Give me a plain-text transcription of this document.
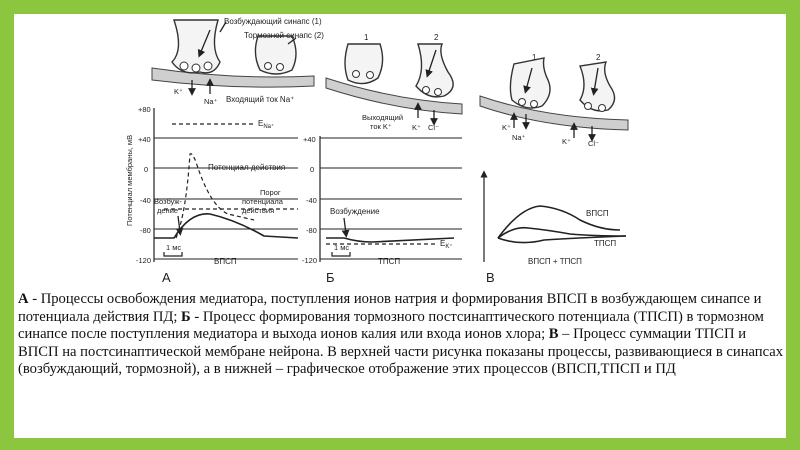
Возбуждающий синапс (1)
Тормозной синапс (2)
K⁺
Na⁺ Входящий ток Na⁺
Потенциал мембраны, мВ
+80
+40
0
-40
-80
-120
$E_{Na^+}$
Потенциал действия
Порог
потенциала
действия
Возбуж-
дение
1 мс
ВПСП
А
1	2
Выходящий
ток K⁺	K⁺ Cl⁻
+40
0
-40
-80
-120
Возбуждение
$E_{K^+}$
1 мс
ТПСП
Б
1	2
K⁺
Na⁺	K⁺ Cl⁻
ВПСП
ТПСП
ВПСП + ТПСП
В

А - Процессы освобождения медиатора, поступления ионов натрия и формирования ВПСП в возбуждающем синапсе и потенциала действия ПД; Б - Процесс формирования тормозного постсинаптического потенциала (ТПСП) в тормозном синапсе после поступления медиатора и выхода ионов калия или входа ионов хлора; В – Процесс суммации ТПСП и ВПСП на постсинаптической мембране нейрона. В верхней части рисунка показаны процессы, развивающиеся в синапсах (возбуждающий, тормозной), а в нижней – графическое отображение этих процессов (ВПСП,ТПСП и ПД
